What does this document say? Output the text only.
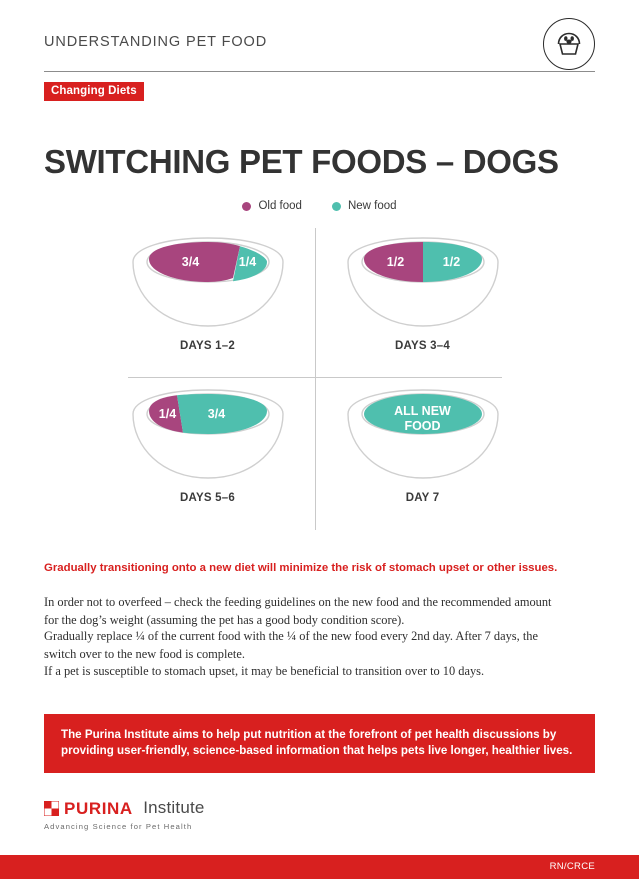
UNDERSTANDING PET FOOD
Changing Diets
SWITCHING PET FOODS – DOGS
Old food	New food
3/4	1/4
DAYS 1–2
1/2	1/2
DAYS 3–4
1/4	3/4
DAYS 5–6
ALL NEW FOOD
DAY 7
Gradually transitioning onto a new diet will minimize the risk of stomach upset or other issues.
In order not to overfeed – check the feeding guidelines on the new food and the recommended amount for the dog’s weight (assuming the pet has a good body condition score).
Gradually replace ¼ of the current food with the ¼ of the new food every 2nd day. After 7 days, the switch over to the new food is complete.
If a pet is susceptible to stomach upset, it may be beneficial to transition over to 10 days.
The Purina Institute aims to help put nutrition at the forefront of pet health discussions by providing user-friendly, science-based information that helps pets live longer, healthier lives.
PURINA Institute
Advancing Science for Pet Health
RN/CRCE
